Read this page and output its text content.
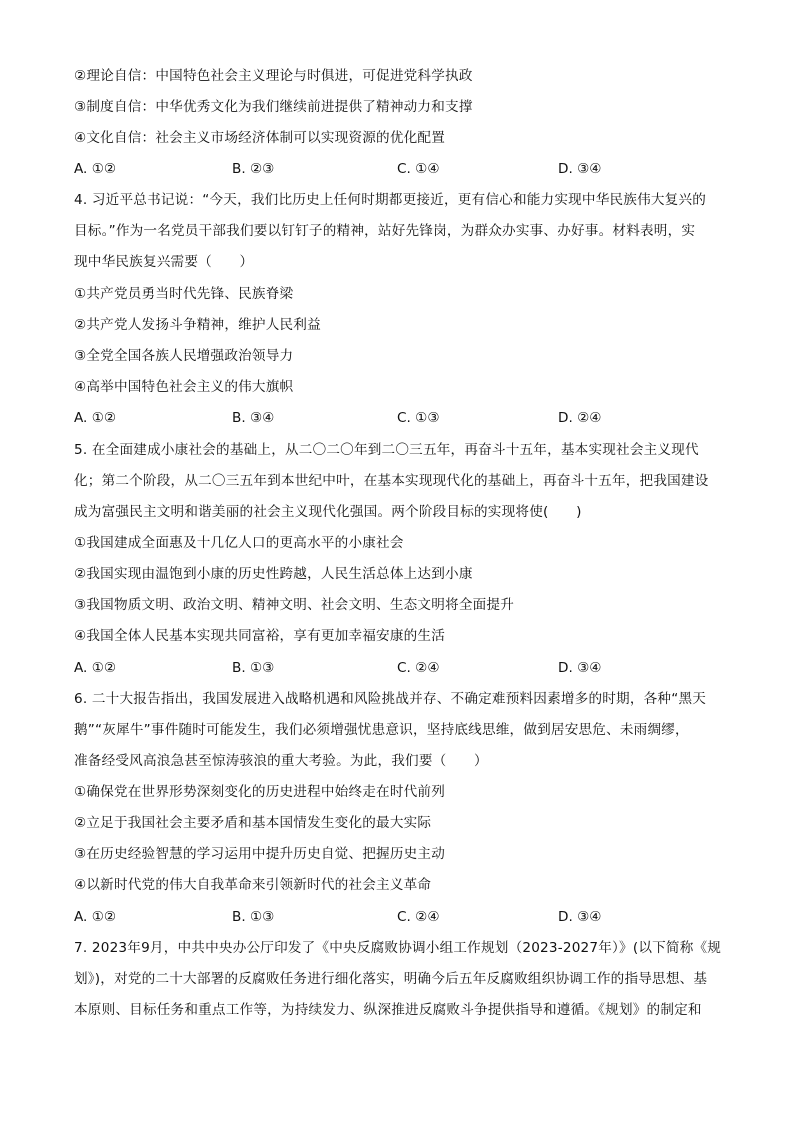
②理论自信：中国特色社会主义理论与时俱进，可促进党科学执政
③制度自信：中华优秀文化为我们继续前进提供了精神动力和支撑
④文化自信：社会主义市场经济体制可以实现资源的优化配置
A. ①②	B. ②③	C. ①④	D. ③④
4. 习近平总书记说：“今天，我们比历史上任何时期都更接近，更有信心和能力实现中华民族伟大复兴的
目标。”作为一名党员干部我们要以钉钉子的精神，站好先锋岗，为群众办实事、办好事。材料表明，实
现中华民族复兴需要（　　）
①共产党员勇当时代先锋、民族脊梁
②共产党人发扬斗争精神，维护人民利益
③全党全国各族人民增强政治领导力
④高举中国特色社会主义的伟大旗帜
A. ①②	B. ③④	C. ①③	D. ②④
5. 在全面建成小康社会的基础上，从二〇二〇年到二〇三五年，再奋斗十五年，基本实现社会主义现代
化；第二个阶段，从二〇三五年到本世纪中叶，在基本实现现代化的基础上，再奋斗十五年，把我国建设
成为富强民主文明和谐美丽的社会主义现代化强国。两个阶段目标的实现将使(　　)
①我国建成全面惠及十几亿人口的更高水平的小康社会
②我国实现由温饱到小康的历史性跨越，人民生活总体上达到小康
③我国物质文明、政治文明、精神文明、社会文明、生态文明将全面提升
④我国全体人民基本实现共同富裕，享有更加幸福安康的生活
A. ①②	B. ①③	C. ②④	D. ③④
6. 二十大报告指出，我国发展进入战略机遇和风险挑战并存、不确定难预料因素增多的时期，各种“黑天
鹅”“灰犀牛”事件随时可能发生，我们必须增强忧患意识，坚持底线思维，做到居安思危、未雨绸缪，
准备经受风高浪急甚至惊涛骇浪的重大考验。为此，我们要（　　）
①确保党在世界形势深刻变化的历史进程中始终走在时代前列
②立足于我国社会主要矛盾和基本国情发生变化的最大实际
③在历史经验智慧的学习运用中提升历史自觉、把握历史主动
④以新时代党的伟大自我革命来引领新时代的社会主义革命
A. ①②	B. ①③	C. ②④	D. ③④
7. 2023年9月，中共中央办公厅印发了《中央反腐败协调小组工作规划（2023-2027年）》(以下简称《规
划》)，对党的二十大部署的反腐败任务进行细化落实，明确今后五年反腐败组织协调工作的指导思想、基
本原则、目标任务和重点工作等，为持续发力、纵深推进反腐败斗争提供指导和遵循。《规划》的制定和
